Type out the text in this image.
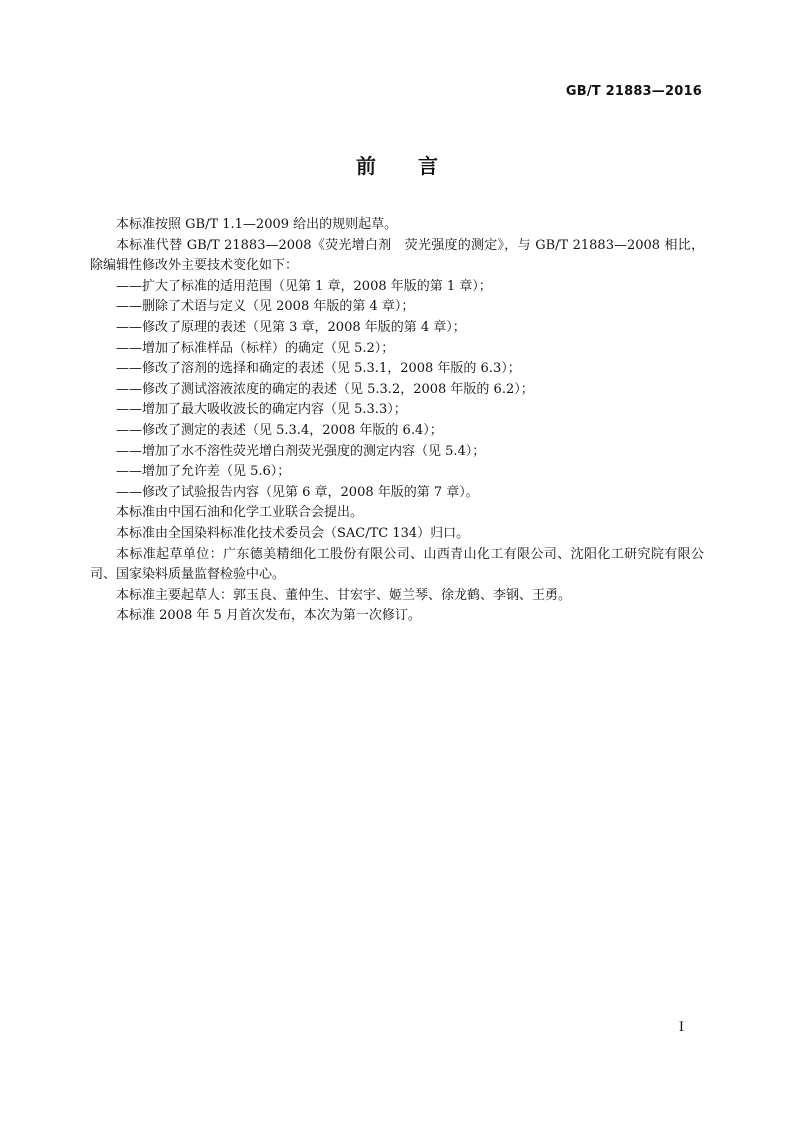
GB/T 21883—2016
前言

本标准按照 GB/T 1.1—2009 给出的规则起草。

本标准代替 GB/T 21883—2008《荧光增白剂　荧光强度的测定》，与 GB/T 21883—2008 相比，除编辑性修改外主要技术变化如下：

——扩大了标准的适用范围（见第 1 章，2008 年版的第 1 章）；

——删除了术语与定义（见 2008 年版的第 4 章）；

——修改了原理的表述（见第 3 章，2008 年版的第 4 章）；

——增加了标准样品（标样）的确定（见 5.2）；

——修改了溶剂的选择和确定的表述（见 5.3.1，2008 年版的 6.3）；

——修改了测试溶液浓度的确定的表述（见 5.3.2，2008 年版的 6.2）；

——增加了最大吸收波长的确定内容（见 5.3.3）；

——修改了测定的表述（见 5.3.4，2008 年版的 6.4）；

——增加了水不溶性荧光增白剂荧光强度的测定内容（见 5.4）；

——增加了允许差（见 5.6）；

——修改了试验报告内容（见第 6 章，2008 年版的第 7 章）。

本标准由中国石油和化学工业联合会提出。

本标准由全国染料标准化技术委员会（SAC/TC 134）归口。

本标准起草单位：广东德美精细化工股份有限公司、山西青山化工有限公司、沈阳化工研究院有限公司、国家染料质量监督检验中心。

本标准主要起草人：郭玉良、董仲生、甘宏宇、姬兰琴、徐龙鹤、李钢、王勇。

本标准 2008 年 5 月首次发布，本次为第一次修订。

I
